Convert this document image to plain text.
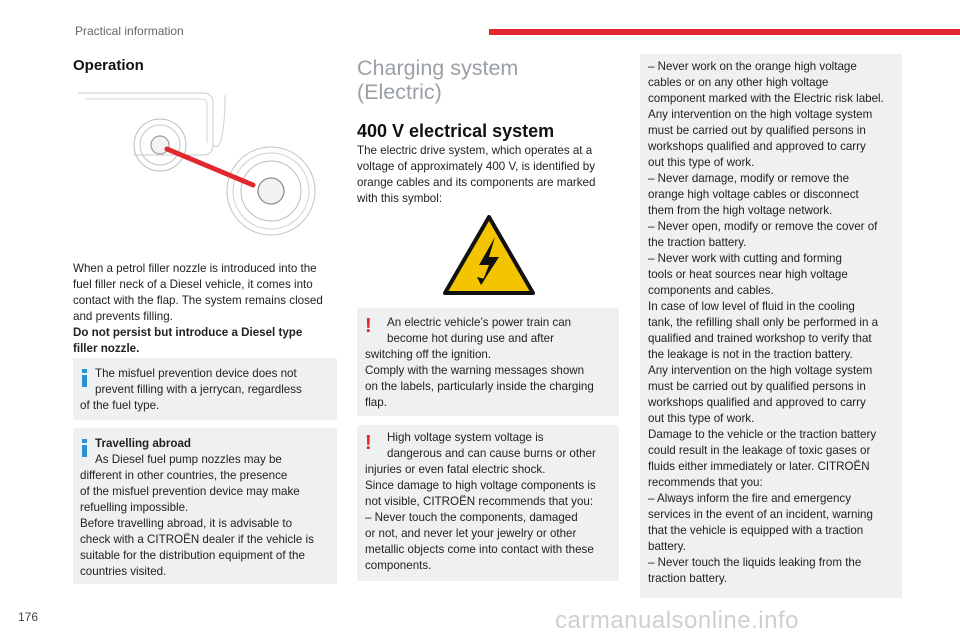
Practical information
Operation
When a petrol filler nozzle is introduced into the
fuel filler neck of a Diesel vehicle, it comes into
contact with the flap. The system remains closed
and prevents filling.
Do not persist but introduce a Diesel type
filler nozzle.
The misfuel prevention device does not
prevent filling with a jerrycan, regardless
of the fuel type.
Travelling abroad
As Diesel fuel pump nozzles may be
different in other countries, the presence
of the misfuel prevention device may make
refuelling impossible.
Before travelling abroad, it is advisable to
check with a CITROËN dealer if the vehicle is
suitable for the distribution equipment of the
countries visited.
Charging system
(Electric)
400 V electrical system
The electric drive system, which operates at a
voltage of approximately 400 V, is identified by
orange cables and its components are marked
with this symbol:
! An electric vehicle’s power train can
become hot during use and after
switching off the ignition.
Comply with the warning messages shown
on the labels, particularly inside the charging
flap.
! High voltage system voltage is
dangerous and can cause burns or other
injuries or even fatal electric shock.
Since damage to high voltage components is
not visible, CITROËN recommends that you:
– Never touch the components, damaged
or not, and never let your jewelry or other
metallic objects come into contact with these
components.
– Never work on the orange high voltage
cables or on any other high voltage
component marked with the Electric risk label.
Any intervention on the high voltage system
must be carried out by qualified persons in
workshops qualified and approved to carry
out this type of work.
– Never damage, modify or remove the
orange high voltage cables or disconnect
them from the high voltage network.
– Never open, modify or remove the cover of
the traction battery.
– Never work with cutting and forming
tools or heat sources near high voltage
components and cables.
In case of low level of fluid in the cooling
tank, the refilling shall only be performed in a
qualified and trained workshop to verify that
the leakage is not in the traction battery.
Any intervention on the high voltage system
must be carried out by qualified persons in
workshops qualified and approved to carry
out this type of work.
Damage to the vehicle or the traction battery
could result in the leakage of toxic gases or
fluids either immediately or later. CITROËN
recommends that you:
– Always inform the fire and emergency
services in the event of an incident, warning
that the vehicle is equipped with a traction
battery.
– Never touch the liquids leaking from the
traction battery.
176	carmanualsonline.info
